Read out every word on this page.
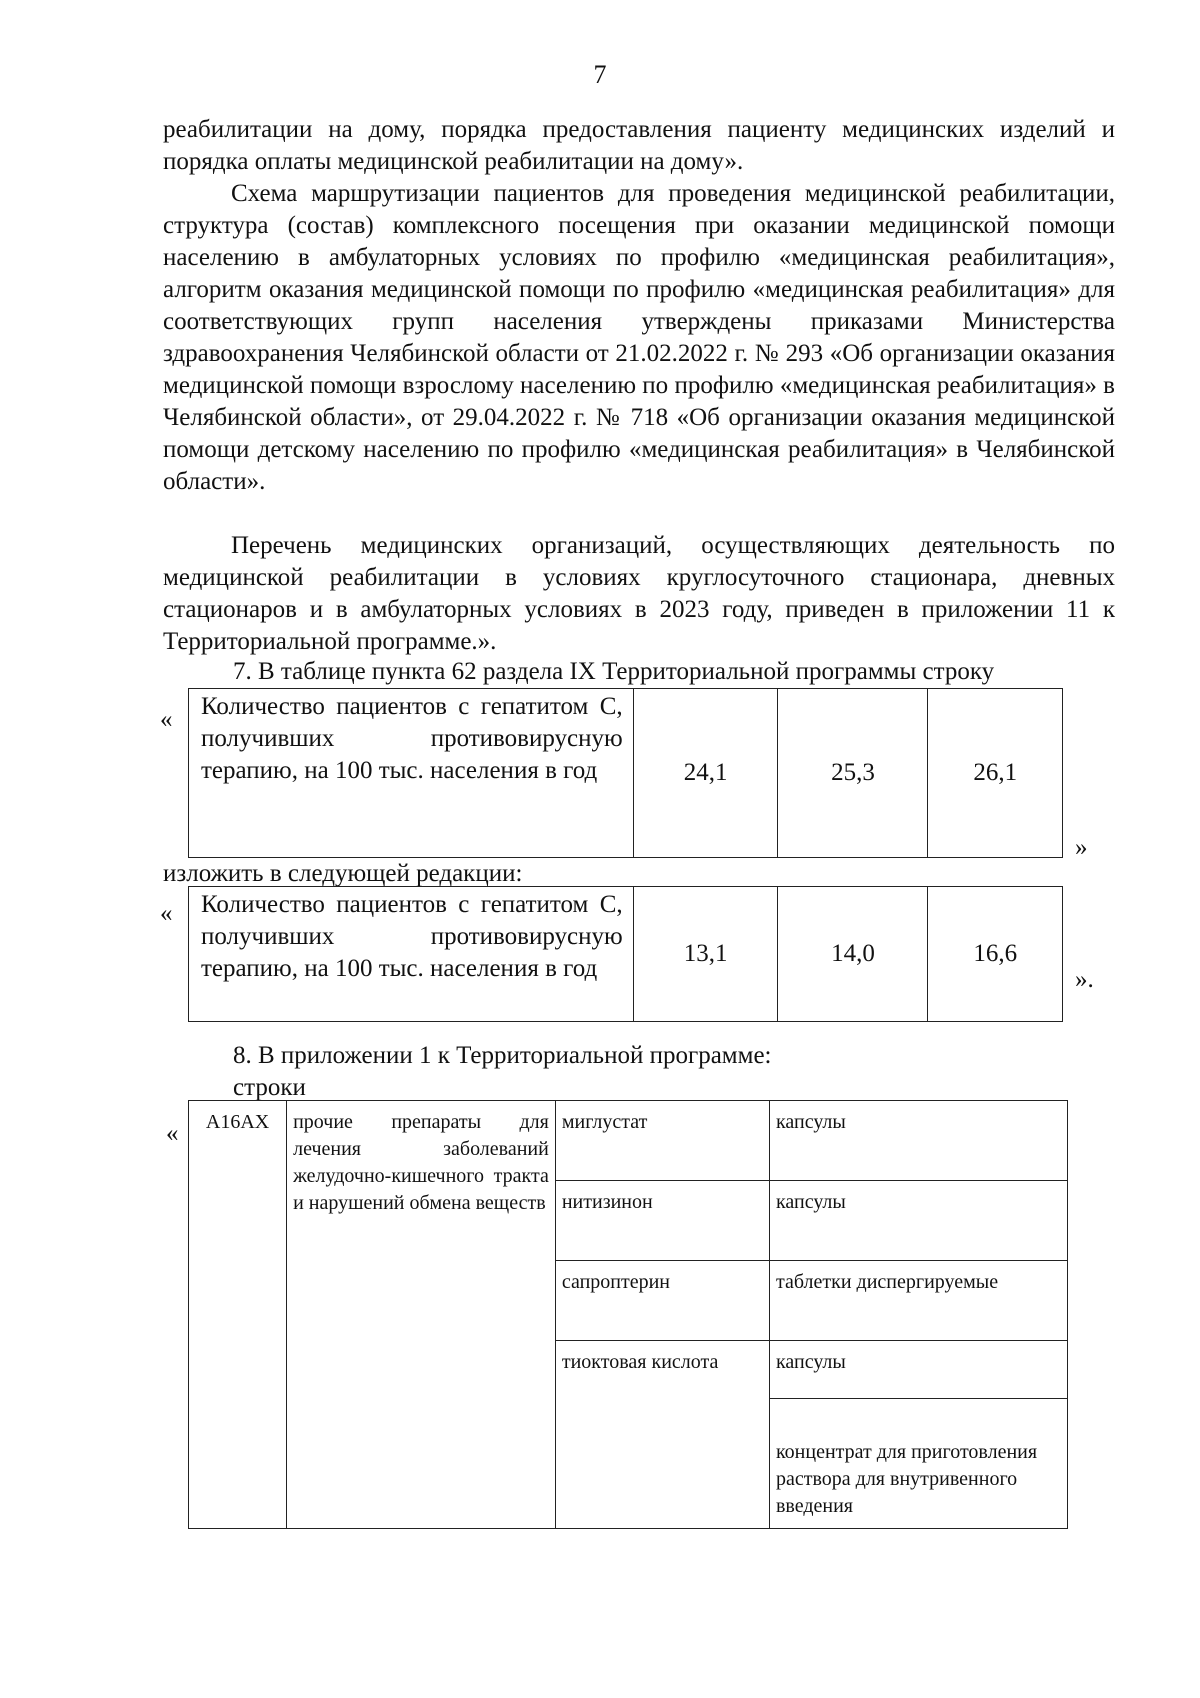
7
реабилитации на дому, порядка предоставления пациенту медицинских изделий и порядка оплаты медицинской реабилитации на дому».
Схема маршрутизации пациентов для проведения медицинской реабилитации, структура (состав) комплексного посещения при оказании медицинской помощи населению в амбулаторных условиях по профилю «медицинская реабилитация», алгоритм оказания медицинской помощи по профилю «медицинская реабилитация» для соответствующих групп населения утверждены приказами Министерства здравоохранения Челябинской области от 21.02.2022 г. № 293 «Об организации оказания медицинской помощи взрослому населению по профилю «медицинская реабилитация» в Челябинской области», от 29.04.2022 г. № 718 «Об организации оказания медицинской помощи детскому населению по профилю «медицинская реабилитация» в Челябинской области».
Перечень медицинских организаций, осуществляющих деятельность по медицинской реабилитации в условиях круглосуточного стационара, дневных стационаров и в амбулаторных условиях в 2023 году, приведен в приложении 11 к Территориальной программе.».
7. В таблице пункта 62 раздела IX Территориальной программы строку
« Количество пациентов с гепатитом С, получивших противовирусную терапию, на 100 тыс. населения в год	24,1	25,3	26,1
»
изложить в следующей редакции:
« Количество пациентов с гепатитом С, получивших противовирусную терапию, на 100 тыс. населения в год	13,1	14,0	16,6
».
8. В приложении 1 к Территориальной программе:
строки
« A16AX	прочие препараты для лечения заболеваний желудочно-кишечного тракта и нарушений обмена веществ	миглустат	капсулы
		нитизинон	капсулы
		сапроптерин	таблетки диспергируемые
		тиоктовая кислота	капсулы
			концентрат для приготовления раствора для внутривенного введения
